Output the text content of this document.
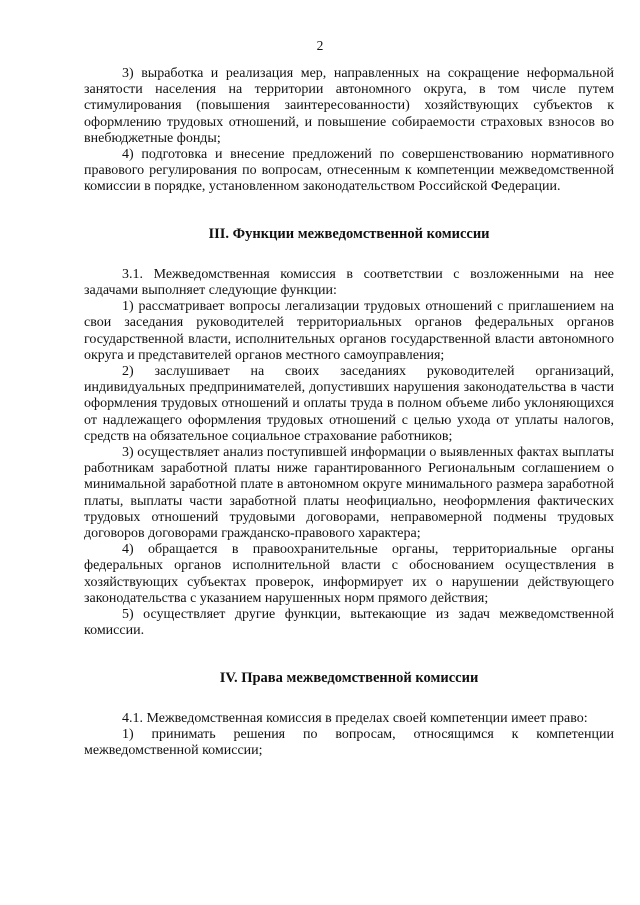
2

3) выработка и реализация мер, направленных на сокращение неформальной занятости населения на территории автономного округа, в том числе путем стимулирования (повышения заинтересованности) хозяйствующих субъектов к оформлению трудовых отношений, и повышение собираемости страховых взносов во внебюджетные фонды;

4) подготовка и внесение предложений по совершенствованию нормативного правового регулирования по вопросам, отнесенным к компетенции межведомственной комиссии в порядке, установленном законодательством Российской Федерации.

III. Функции межведомственной комиссии

3.1. Межведомственная комиссия в соответствии с возложенными на нее задачами выполняет следующие функции:

1) рассматривает вопросы легализации трудовых отношений с приглашением на свои заседания руководителей территориальных органов федеральных органов государственной власти, исполнительных органов государственной власти автономного округа и представителей органов местного самоуправления;

2) заслушивает на своих заседаниях руководителей организаций, индивидуальных предпринимателей, допустивших нарушения законодательства в части оформления трудовых отношений и оплаты труда в полном объеме либо уклоняющихся от надлежащего оформления трудовых отношений с целью ухода от уплаты налогов, средств на обязательное социальное страхование работников;

3) осуществляет анализ поступившей информации о выявленных фактах выплаты работникам заработной платы ниже гарантированного Региональным соглашением о минимальной заработной плате в автономном округе минимального размера заработной платы, выплаты части заработной платы неофициально, неоформления фактических трудовых отношений трудовыми договорами, неправомерной подмены трудовых договоров договорами гражданско-правового характера;

4) обращается в правоохранительные органы, территориальные органы федеральных органов исполнительной власти с обоснованием осуществления в хозяйствующих субъектах проверок, информирует их о нарушении действующего законодательства с указанием нарушенных норм прямого действия;

5) осуществляет другие функции, вытекающие из задач межведомственной комиссии.

IV. Права межведомственной комиссии

4.1. Межведомственная комиссия в пределах своей компетенции имеет право:

1) принимать решения по вопросам, относящимся к компетенции межведомственной комиссии;
